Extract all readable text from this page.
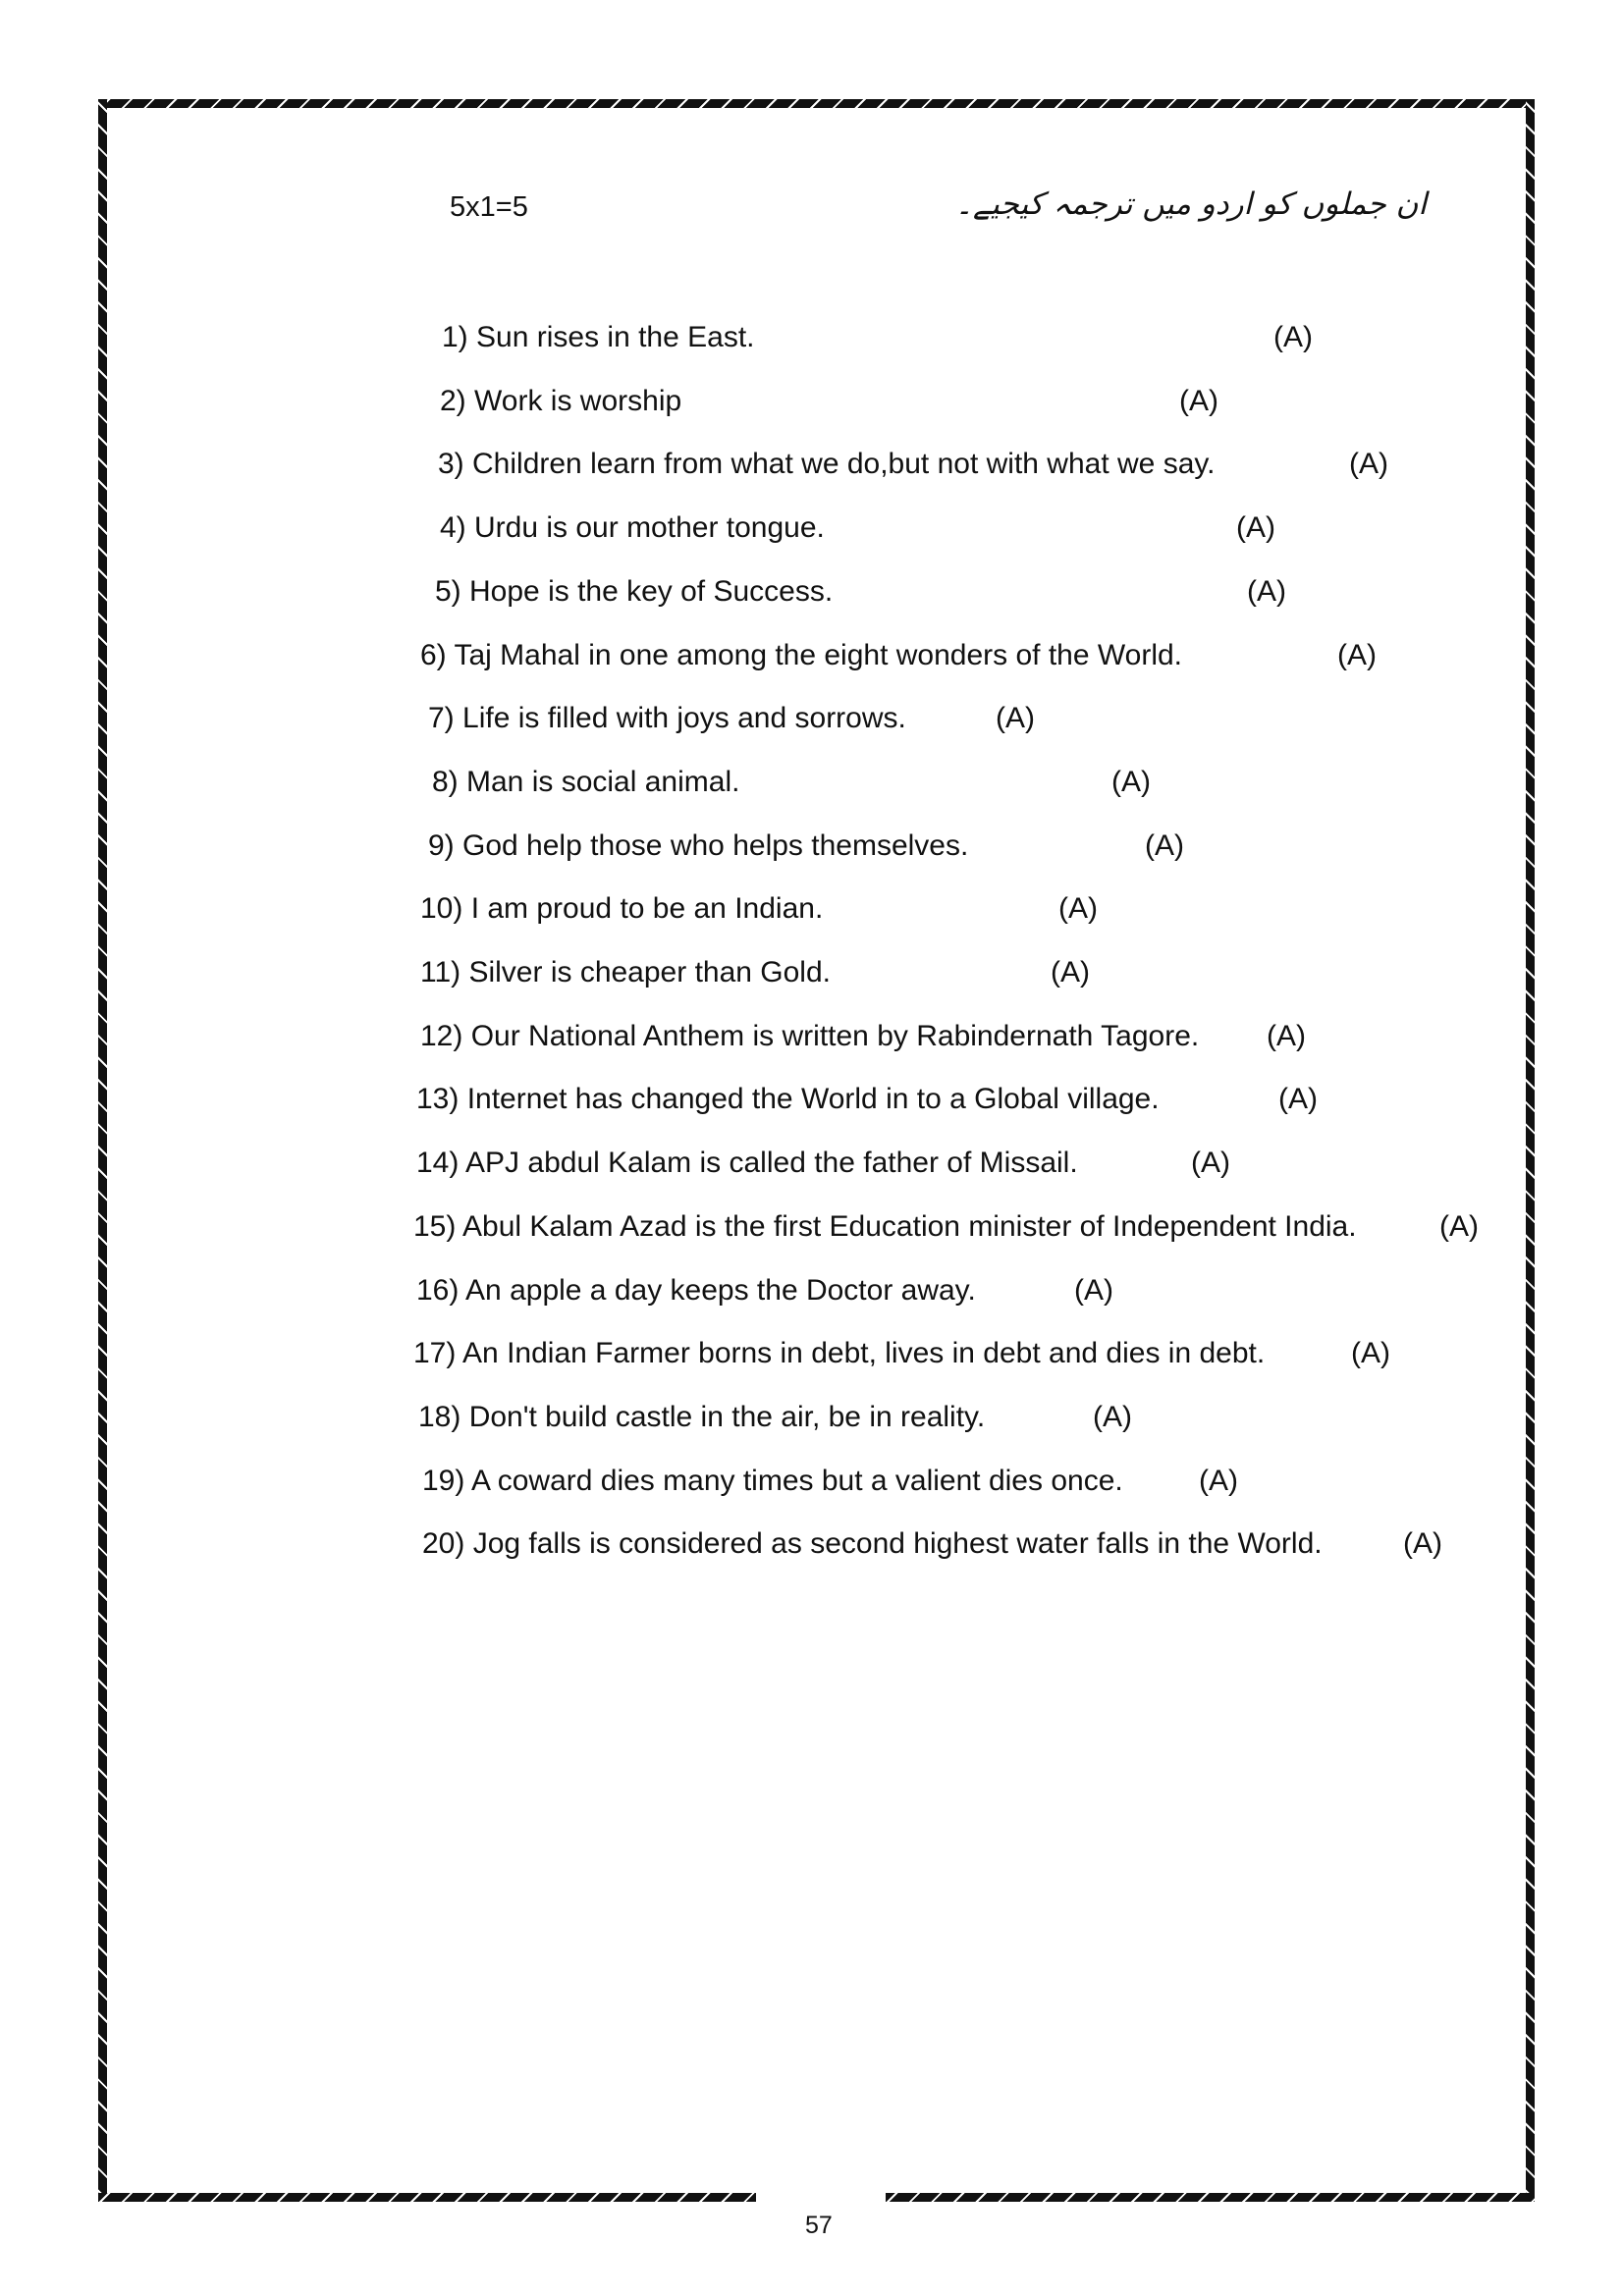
5x1=5	ان جملوں کو اردو میں ترجمہ کیجیے۔
1) Sun rises in the East.	(A)
2) Work is worship	(A)
3) Children learn from what we do,but not with what we say.	(A)
4) Urdu is our mother tongue.	(A)
5) Hope is the key of Success.	(A)
6) Taj Mahal in one among the eight wonders of the World.	(A)
7) Life is filled with joys and sorrows.	(A)
8) Man is social animal.	(A)
9) God help those who helps themselves.	(A)
10) I am proud to be an Indian.	(A)
11) Silver is cheaper than Gold.	(A)
12) Our National Anthem is written by Rabindernath Tagore. (A)
13) Internet has changed the World in to a Global village.	(A)
14) APJ abdul Kalam is called the father of Missail.	(A)
15) Abul Kalam Azad is the first Education minister of Independent India.	(A)
16) An apple a day keeps the Doctor away.	(A)
17) An Indian Farmer borns in debt, lives in debt and dies in debt.	(A)
18) Don't build castle in the air, be in reality.	(A)
19) A coward dies many times but a valient dies once.	(A)
20) Jog falls is considered as second highest water falls in the World.	(A)
57
